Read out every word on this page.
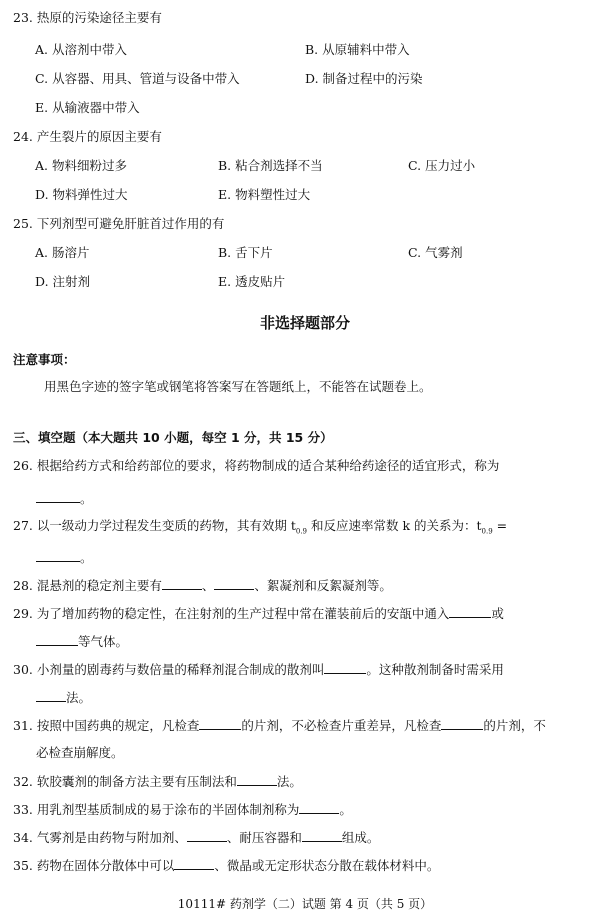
23. 热原的污染途径主要有
A. 从溶剂中带入	B. 从原辅料中带入
C. 从容器、用具、管道与设备中带入	D. 制备过程中的污染
E. 从输液器中带入
24. 产生裂片的原因主要有
A. 物料细粉过多	B. 粘合剂选择不当	C. 压力过小
D. 物料弹性过大	E. 物料塑性过大
25. 下列剂型可避免肝脏首过作用的有
A. 肠溶片	B. 舌下片	C. 气雾剂
D. 注射剂	E. 透皮贴片
非选择题部分
注意事项：
用黑色字迹的签字笔或钢笔将答案写在答题纸上，不能答在试题卷上。
三、填空题（本大题共 10 小题，每空 1 分，共 15 分）
26. 根据给药方式和给药部位的要求，将药物制成的适合某种给药途径的适宜形式，称为
。
27. 以一级动力学过程发生变质的药物，其有效期 $t_{0.9}$ 和反应速率常数 k 的关系为：$t_{0.9}$ =
。
28. 混悬剂的稳定剂主要有	、	、絮凝剂和反絮凝剂等。
29. 为了增加药物的稳定性，在注射剂的生产过程中常在灌装前后的安瓿中通入	或
等气体。
30. 小剂量的剧毒药与数倍量的稀释剂混合制成的散剂叫	。这种散剂制备时需采用
法。
31. 按照中国药典的规定，凡检查	的片剂，不必检查片重差异，凡检查	的片剂，不
必检查崩解度。
32. 软胶囊剂的制备方法主要有压制法和	法。
33. 用乳剂型基质制成的易于涂布的半固体制剂称为	。
34. 气雾剂是由药物与附加剂、	、耐压容器和	组成。
35. 药物在固体分散体中可以	、微晶或无定形状态分散在载体材料中。
10111# 药剂学（二）试题 第 4 页（共 5 页）
